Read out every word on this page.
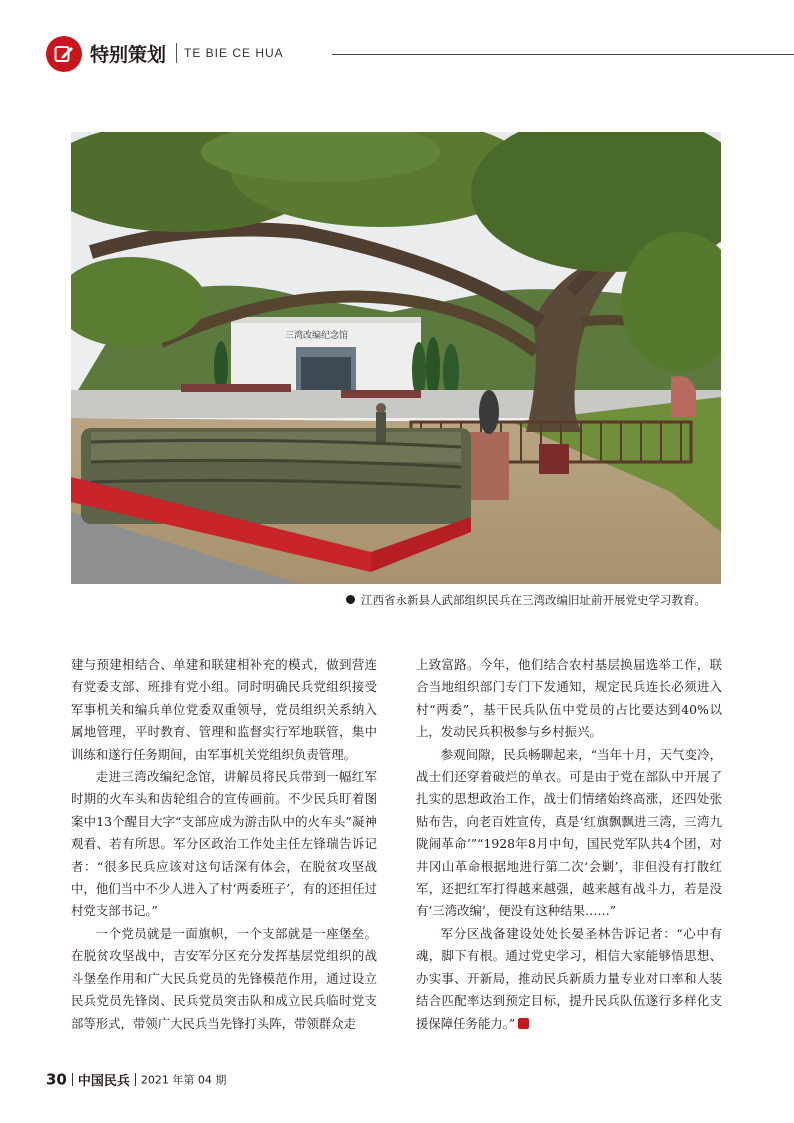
特别策划 TE BIE CE HUA
三湾改编纪念馆
江西省永新县人武部组织民兵在三湾改编旧址前开展党史学习教育。

建与预建相结合、单建和联建相补充的模式，做到营连有党委支部、班排有党小组。同时明确民兵党组织接受军事机关和编兵单位党委双重领导，党员组织关系纳入属地管理，平时教育、管理和监督实行军地联管，集中训练和遂行任务期间，由军事机关党组织负责管理。

走进三湾改编纪念馆，讲解员将民兵带到一幅红军时期的火车头和齿轮组合的宣传画前。不少民兵盯着图案中13个醒目大字“支部应成为游击队中的火车头”凝神观看、若有所思。军分区政治工作处主任左锋瑞告诉记者：“很多民兵应该对这句话深有体会，在脱贫攻坚战中，他们当中不少人进入了村‘两委班子’，有的还担任过村党支部书记。”

一个党员就是一面旗帜，一个支部就是一座堡垒。在脱贫攻坚战中，吉安军分区充分发挥基层党组织的战斗堡垒作用和广大民兵党员的先锋模范作用，通过设立民兵党员先锋岗、民兵党员突击队和成立民兵临时党支部等形式，带领广大民兵当先锋打头阵，带领群众走

上致富路。今年，他们结合农村基层换届选举工作，联合当地组织部门专门下发通知，规定民兵连长必须进入村“两委”，基干民兵队伍中党员的占比要达到40%以上，发动民兵积极参与乡村振兴。

参观间隙，民兵畅聊起来，“当年十月，天气变冷，战士们还穿着破烂的单衣。可是由于党在部队中开展了扎实的思想政治工作，战士们情绪始终高涨，还四处张贴布告，向老百姓宣传，真是‘红旗飘飘进三湾，三湾九陇闹革命’”“1928年8月中旬，国民党军队共4个团，对井冈山革命根据地进行第二次‘会剿’，非但没有打散红军，还把红军打得越来越强，越来越有战斗力，若是没有‘三湾改编’，便没有这种结果……”

军分区战备建设处处长晏圣林告诉记者：“心中有魂，脚下有根。通过党史学习，相信大家能够悟思想、办实事、开新局，推动民兵新质力量专业对口率和人装结合匹配率达到预定目标，提升民兵队伍遂行多样化支援保障任务能力。”

30 中国民兵 2021 年第 04 期
